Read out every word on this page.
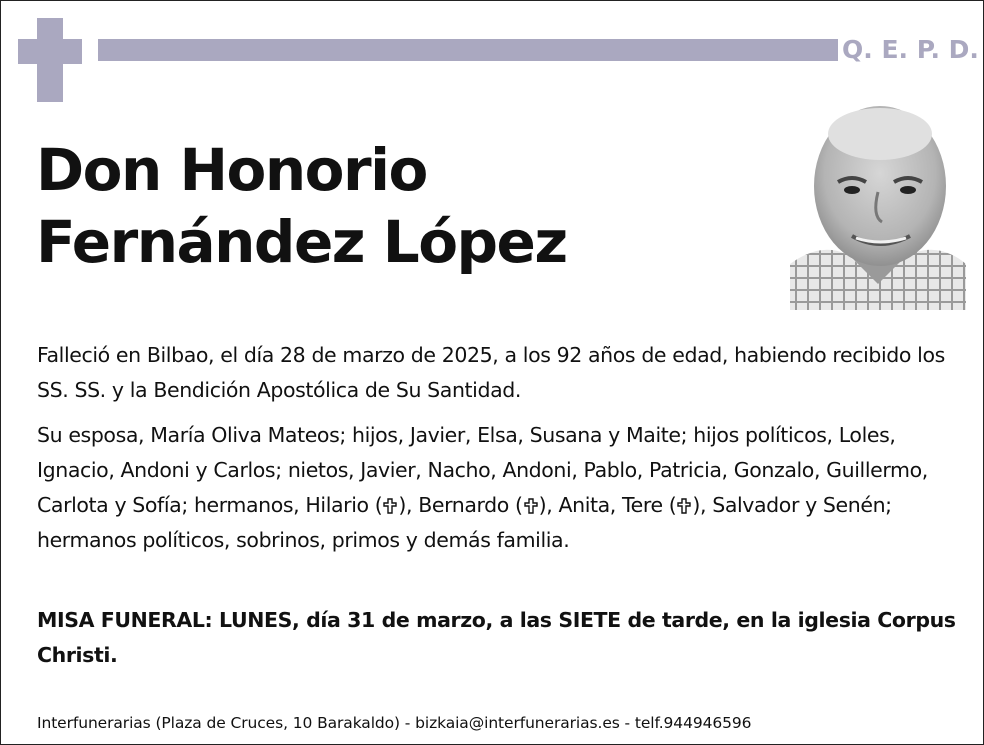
Q. E. P. D.
Don Honorio
Fernández López
Falleció en Bilbao, el día 28 de marzo de 2025, a los 92 años de edad, habiendo recibido los SS. SS. y la Bendición Apostólica de Su Santidad.
Su esposa, María Oliva Mateos; hijos, Javier, Elsa, Susana y Maite; hijos políticos, Loles, Ignacio, Andoni y Carlos; nietos, Javier, Nacho, Andoni, Pablo, Patricia, Gonzalo, Guillermo, Carlota y Sofía; hermanos, Hilario ( ), Bernardo ( ), Anita, Tere ( ), Salvador y Senén; hermanos políticos, sobrinos, primos y demás familia.
MISA FUNERAL: LUNES, día 31 de marzo, a las SIETE de tarde, en la iglesia Corpus Christi.
Interfunerarias (Plaza de Cruces, 10 Barakaldo) - bizkaia@interfunerarias.es - telf.944946596
